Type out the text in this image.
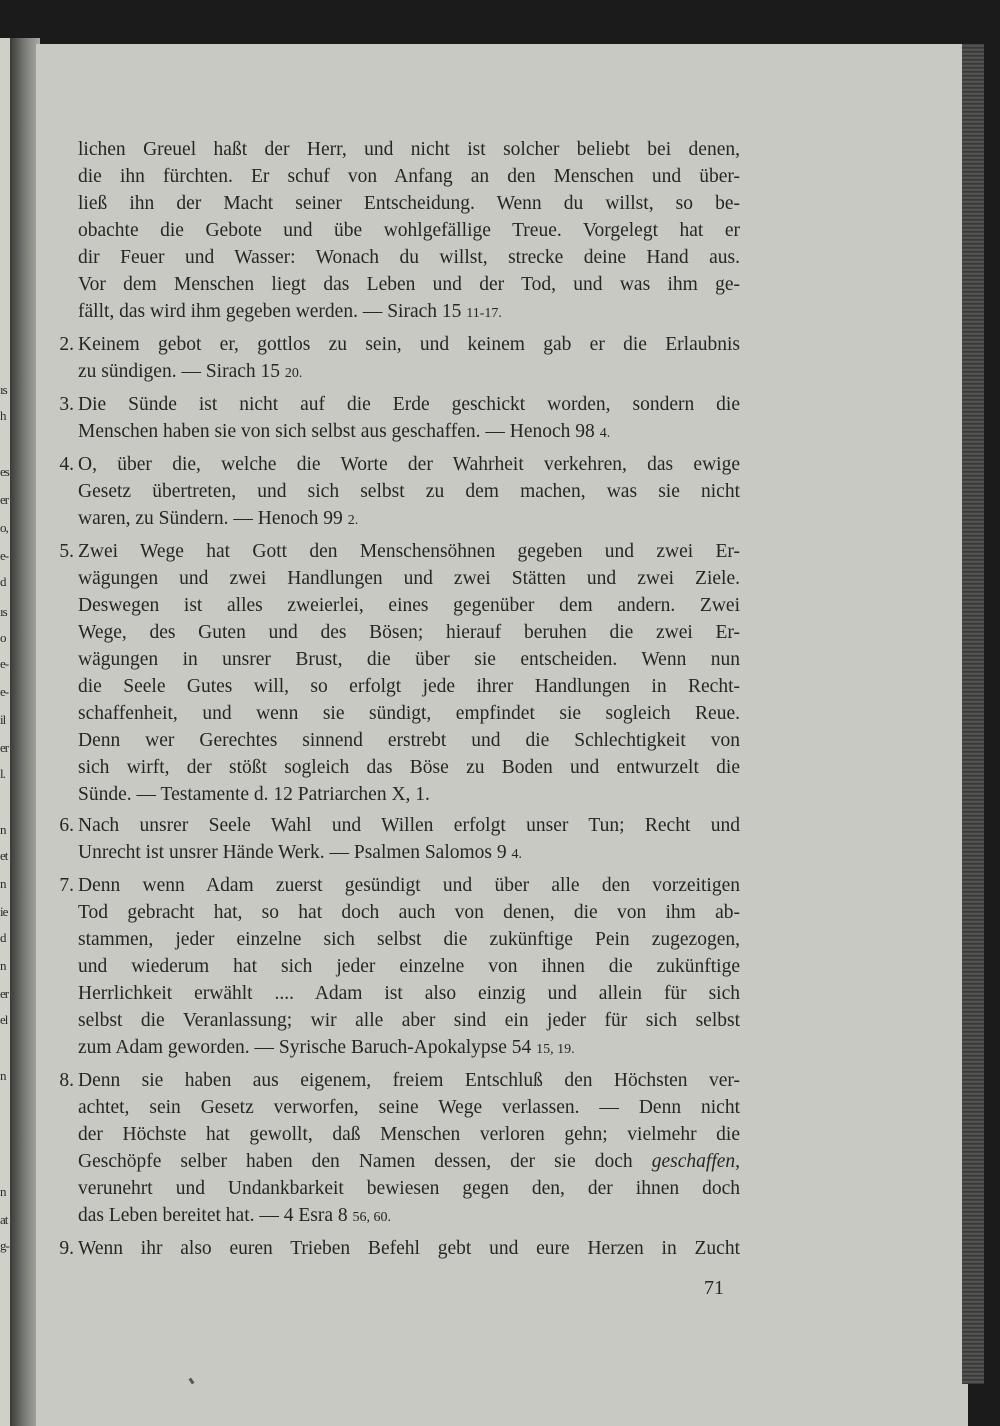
ıs
h
es
er
o,
e-
d
ıs
o
e-
e-
il
er
l.
n
et
n
ie
d
n
er
el
n
n
at
g-
lichen Greuel haßt der Herr, und nicht ist solcher beliebt bei denen,
die ihn fürchten. Er schuf von Anfang an den Menschen und über-
ließ ihn der Macht seiner Entscheidung. Wenn du willst, so be-
obachte die Gebote und übe wohlgefällige Treue. Vorgelegt hat er
dir Feuer und Wasser: Wonach du willst, strecke deine Hand aus.
Vor dem Menschen liegt das Leben und der Tod, und was ihm ge-
fällt, das wird ihm gegeben werden. — Sirach 15 11-17.
2. Keinem gebot er, gottlos zu sein, und keinem gab er die Erlaubnis
zu sündigen. — Sirach 15 20.
3. Die Sünde ist nicht auf die Erde geschickt worden, sondern die
Menschen haben sie von sich selbst aus geschaffen. — Henoch 98 4.
4. O, über die, welche die Worte der Wahrheit verkehren, das ewige
Gesetz übertreten, und sich selbst zu dem machen, was sie nicht
waren, zu Sündern. — Henoch 99 2.
5. Zwei Wege hat Gott den Menschensöhnen gegeben und zwei Er-
wägungen und zwei Handlungen und zwei Stätten und zwei Ziele.
Deswegen ist alles zweierlei, eines gegenüber dem andern. Zwei
Wege, des Guten und des Bösen; hierauf beruhen die zwei Er-
wägungen in unsrer Brust, die über sie entscheiden. Wenn nun
die Seele Gutes will, so erfolgt jede ihrer Handlungen in Recht-
schaffenheit, und wenn sie sündigt, empfindet sie sogleich Reue.
Denn wer Gerechtes sinnend erstrebt und die Schlechtigkeit von
sich wirft, der stößt sogleich das Böse zu Boden und entwurzelt die
Sünde. — Testamente d. 12 Patriarchen X, 1.
6. Nach unsrer Seele Wahl und Willen erfolgt unser Tun; Recht und
Unrecht ist unsrer Hände Werk. — Psalmen Salomos 9 4.
7. Denn wenn Adam zuerst gesündigt und über alle den vorzeitigen
Tod gebracht hat, so hat doch auch von denen, die von ihm ab-
stammen, jeder einzelne sich selbst die zukünftige Pein zugezogen,
und wiederum hat sich jeder einzelne von ihnen die zukünftige
Herrlichkeit erwählt .... Adam ist also einzig und allein für sich
selbst die Veranlassung; wir alle aber sind ein jeder für sich selbst
zum Adam geworden. — Syrische Baruch-Apokalypse 54 15, 19.
8. Denn sie haben aus eigenem, freiem Entschluß den Höchsten ver-
achtet, sein Gesetz verworfen, seine Wege verlassen. — Denn nicht
der Höchste hat gewollt, daß Menschen verloren gehn; vielmehr die
Geschöpfe selber haben den Namen dessen, der sie doch geschaffen,
verunehrt und Undankbarkeit bewiesen gegen den, der ihnen doch
das Leben bereitet hat. — 4 Esra 8 56, 60.
9. Wenn ihr also euren Trieben Befehl gebt und eure Herzen in Zucht
71
